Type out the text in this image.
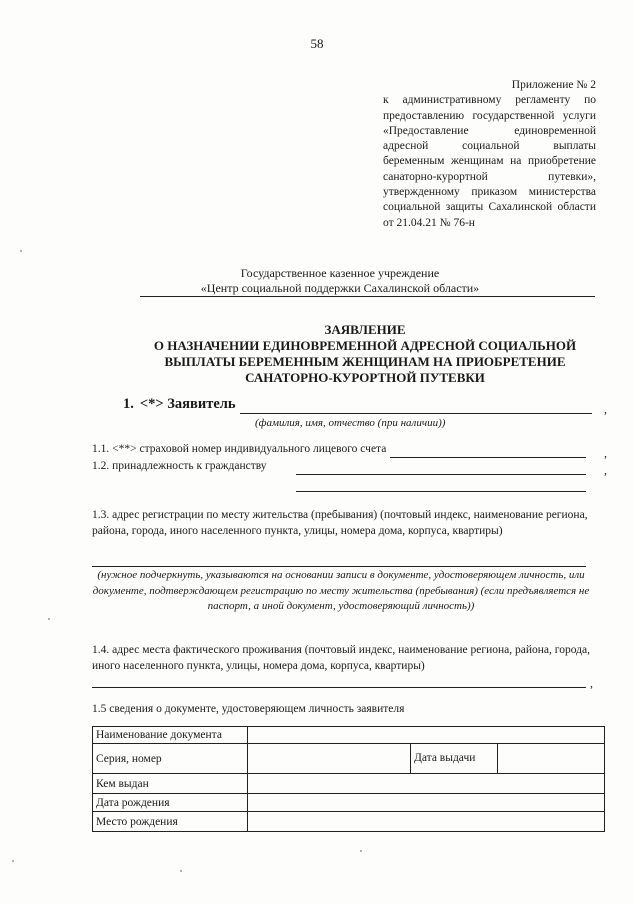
58
Приложение № 2
к административному регламенту по предоставлению государственной услуги «Предоставление единовременной адресной социальной выплаты беременным женщинам на приобретение санаторно-курортной путевки», утвержденному приказом министерства социальной защиты Сахалинской области от 21.04.21 № 76-н
Государственное казенное учреждение
«Центр социальной поддержки Сахалинской области»
ЗАЯВЛЕНИЕ
О НАЗНАЧЕНИИ ЕДИНОВРЕМЕННОЙ АДРЕСНОЙ СОЦИАЛЬНОЙ
ВЫПЛАТЫ БЕРЕМЕННЫМ ЖЕНЩИНАМ НА ПРИОБРЕТЕНИЕ
САНАТОРНО-КУРОРТНОЙ ПУТЕВКИ
1. <*> Заявитель	,
(фамилия, имя, отчество (при наличии))
1.1. <**> страховой номер индивидуального лицевого счета	,
1.2. принадлежность к гражданству	,
1.3. адрес регистрации по месту жительства (пребывания) (почтовый индекс, наименование региона, района, города, иного населенного пункта, улицы, номера дома, корпуса, квартиры)
(нужное подчеркнуть, указываются на основании записи в документе, удостоверяющем личность, или документе, подтверждающем регистрацию по месту жительства (пребывания) (если предъявляется не паспорт, а иной документ, удостоверяющий личность))
1.4. адрес места фактического проживания (почтовый индекс, наименование региона, района, города, иного населенного пункта, улицы, номера дома, корпуса, квартиры)
,
1.5 сведения о документе, удостоверяющем личность заявителя
Наименование документа			
Серия, номер		Дата выдачи	
Кем выдан			
Дата рождения			
Место рождения			
